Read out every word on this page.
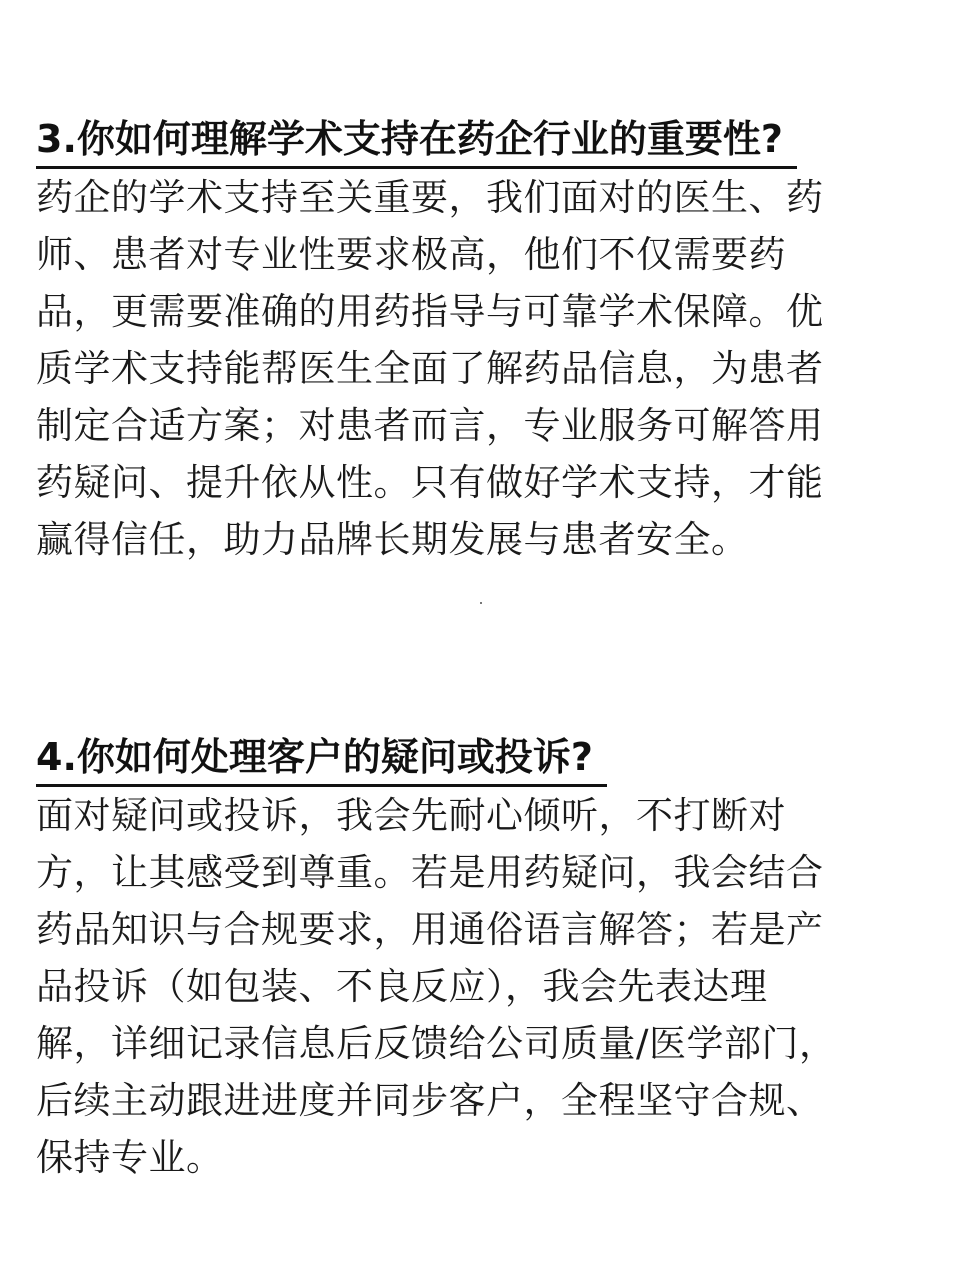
3.你如何理解学术支持在药企行业的重要性?

药企的学术支持至关重要，我们面对的医生、药
师、患者对专业性要求极高，他们不仅需要药
品，更需要准确的用药指导与可靠学术保障。优
质学术支持能帮医生全面了解药品信息，为患者
制定合适方案；对患者而言，专业服务可解答用
药疑问、提升依从性。只有做好学术支持，才能
赢得信任，助力品牌长期发展与患者安全。

4.你如何处理客户的疑问或投诉?

面对疑问或投诉，我会先耐心倾听，不打断对
方，让其感受到尊重。若是用药疑问，我会结合
药品知识与合规要求，用通俗语言解答；若是产
品投诉（如包装、不良反应），我会先表达理
解，详细记录信息后反馈给公司质量/医学部门，
后续主动跟进进度并同步客户，全程坚守合规、
保持专业。
